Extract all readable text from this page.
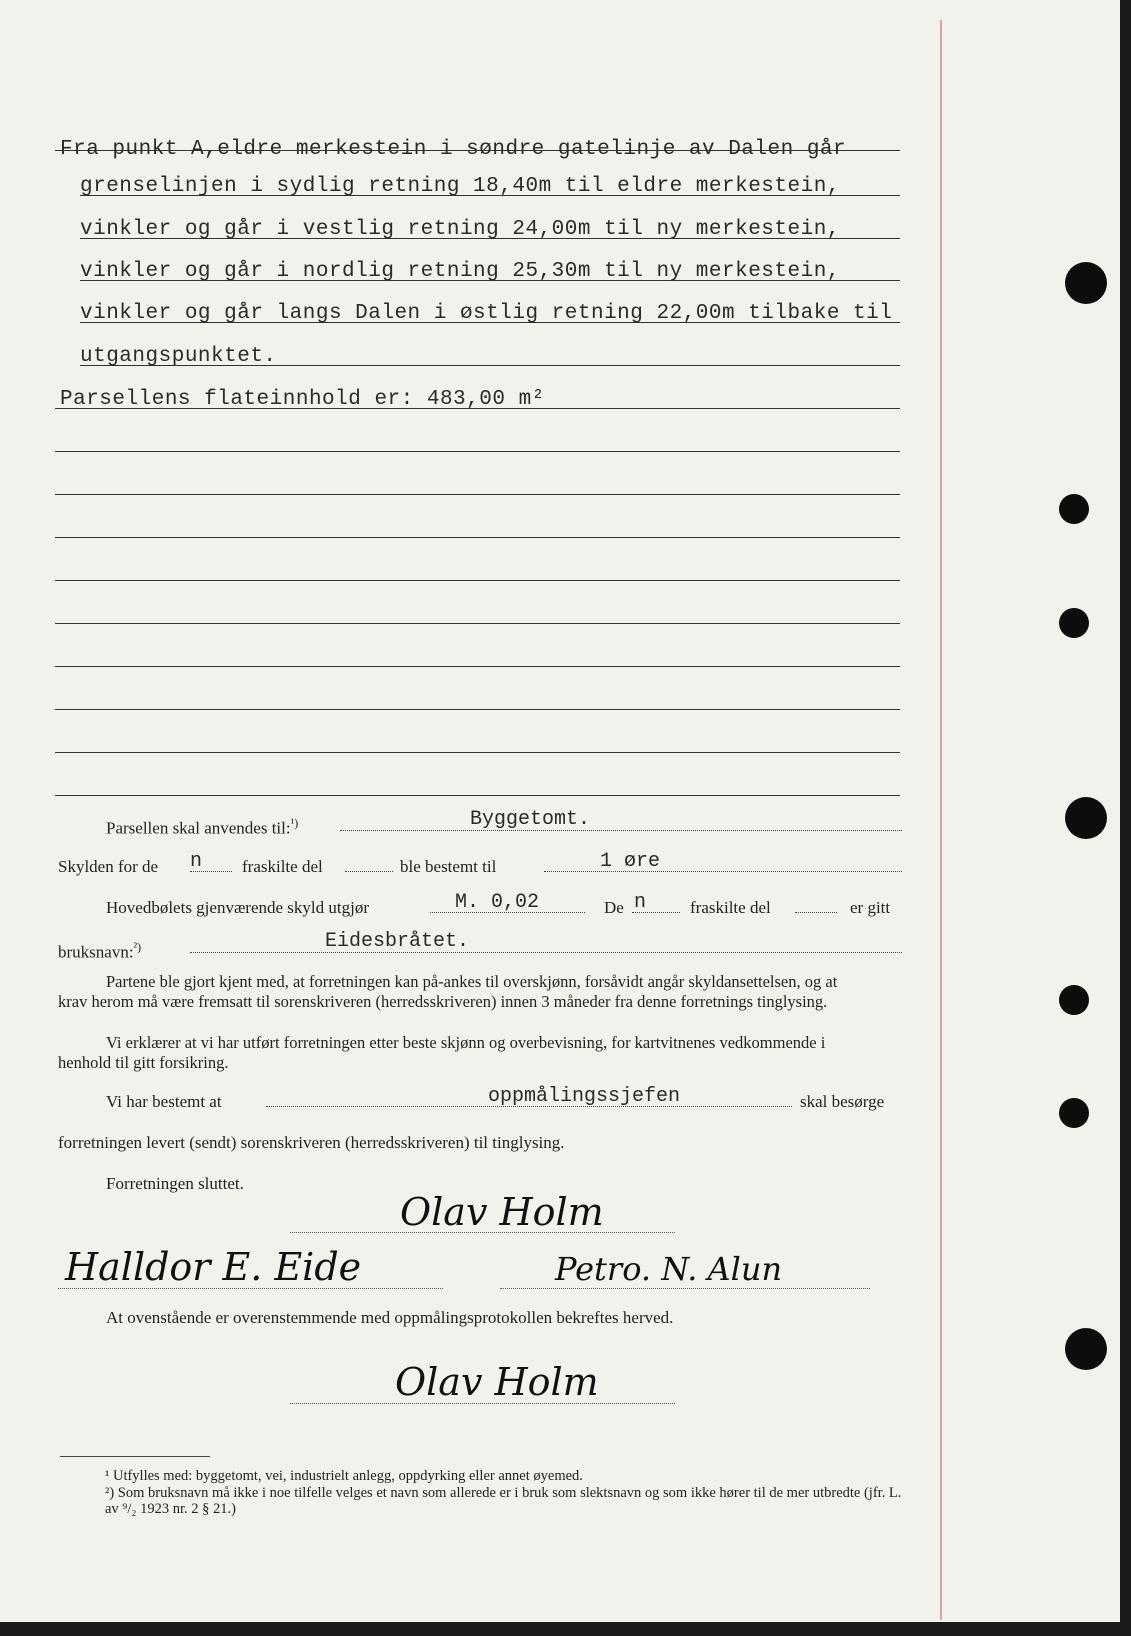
Fra punkt A,eldre merkestein i søndre gatelinje av Dalen går
grenselinjen i sydlig retning 18,40m til eldre merkestein,
vinkler og går i vestlig retning 24,00m til ny merkestein,
vinkler og går i nordlig retning 25,30m til ny merkestein,
vinkler og går langs Dalen i østlig retning 22,00m tilbake til
utgangspunktet.
Parsellens flateinnhold er: 483,00 m²
Parsellen skal anvendes til:$^{^1)}$	Byggetomt.
Skylden for de n fraskilte del	ble bestemt til	1 øre
Hovedbølets gjenværende skyld utgjør	M. 0,02	De n	fraskilte del	er gitt
bruksnavn:$^{^2)}$	Eidesbråtet.
Partene ble gjort kjent med, at forretningen kan på-ankes til overskjønn, forsåvidt angår skyldansettelsen, og at krav herom må være fremsatt til sorenskriveren (herredsskriveren) innen 3 måneder fra denne forretnings tinglysing.
Vi erklærer at vi har utført forretningen etter beste skjønn og overbevisning, for kartvitnenes vedkommende i henhold til gitt forsikring.
Vi har bestemt at	oppmålingssjefen	skal besørge
forretningen levert (sendt) sorenskriveren (herredsskriveren) til tinglysing.
Forretningen sluttet.
Olav Holm
Halldor E. Eide	Petro. N. Alun
At ovenstående er overenstemmende med oppmålingsprotokollen bekreftes herved.
Olav Holm
¹ Utfylles med: byggetomt, vei, industrielt anlegg, oppdyrking eller annet øyemed.
²) Som bruksnavn må ikke i noe tilfelle velges et navn som allerede er i bruk som slektsnavn og som ikke hører til de mer utbredte (jfr. L. av ⁹/₂ 1923 nr. 2 § 21.)
